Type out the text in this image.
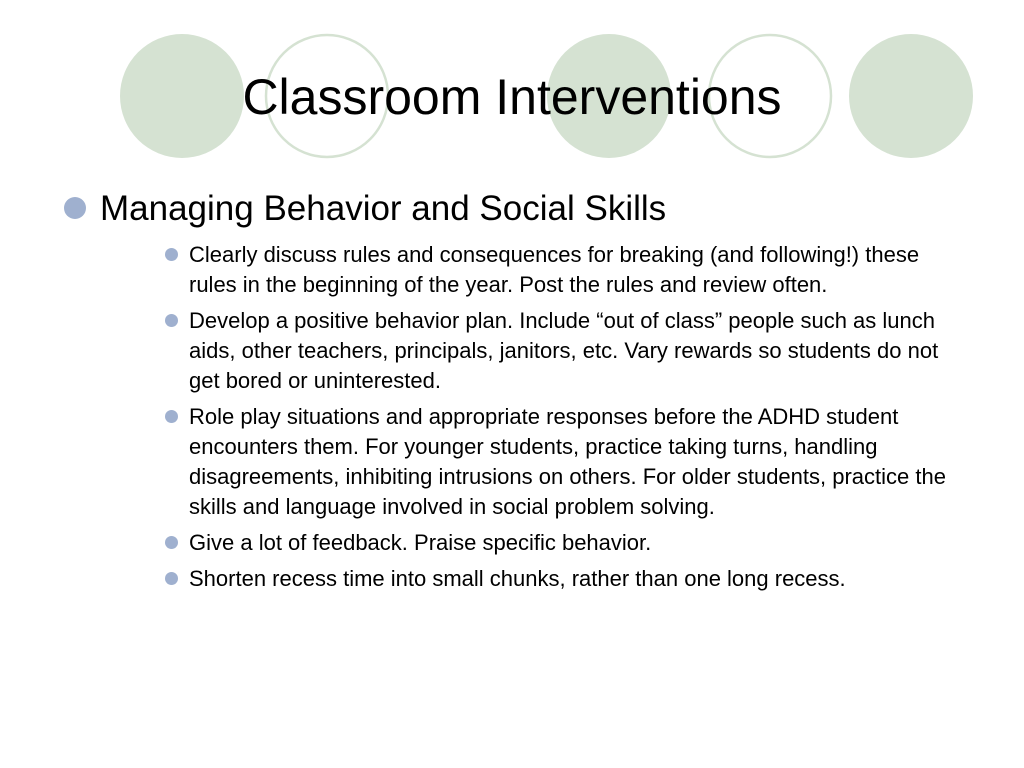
Classroom Interventions
Managing Behavior and Social Skills
Clearly discuss rules and consequences for breaking (and following!) these rules in the beginning of the year. Post the rules and review often.
Develop a positive behavior plan. Include “out of class” people such as lunch aids, other teachers, principals, janitors, etc. Vary rewards so students do not get bored or uninterested.
Role play situations and appropriate responses before the ADHD student encounters them. For younger students, practice taking turns, handling disagreements, inhibiting intrusions on others. For older students, practice the skills and language involved in social problem solving.
Give a lot of feedback. Praise specific behavior.
Shorten recess time into small chunks, rather than one long recess.
